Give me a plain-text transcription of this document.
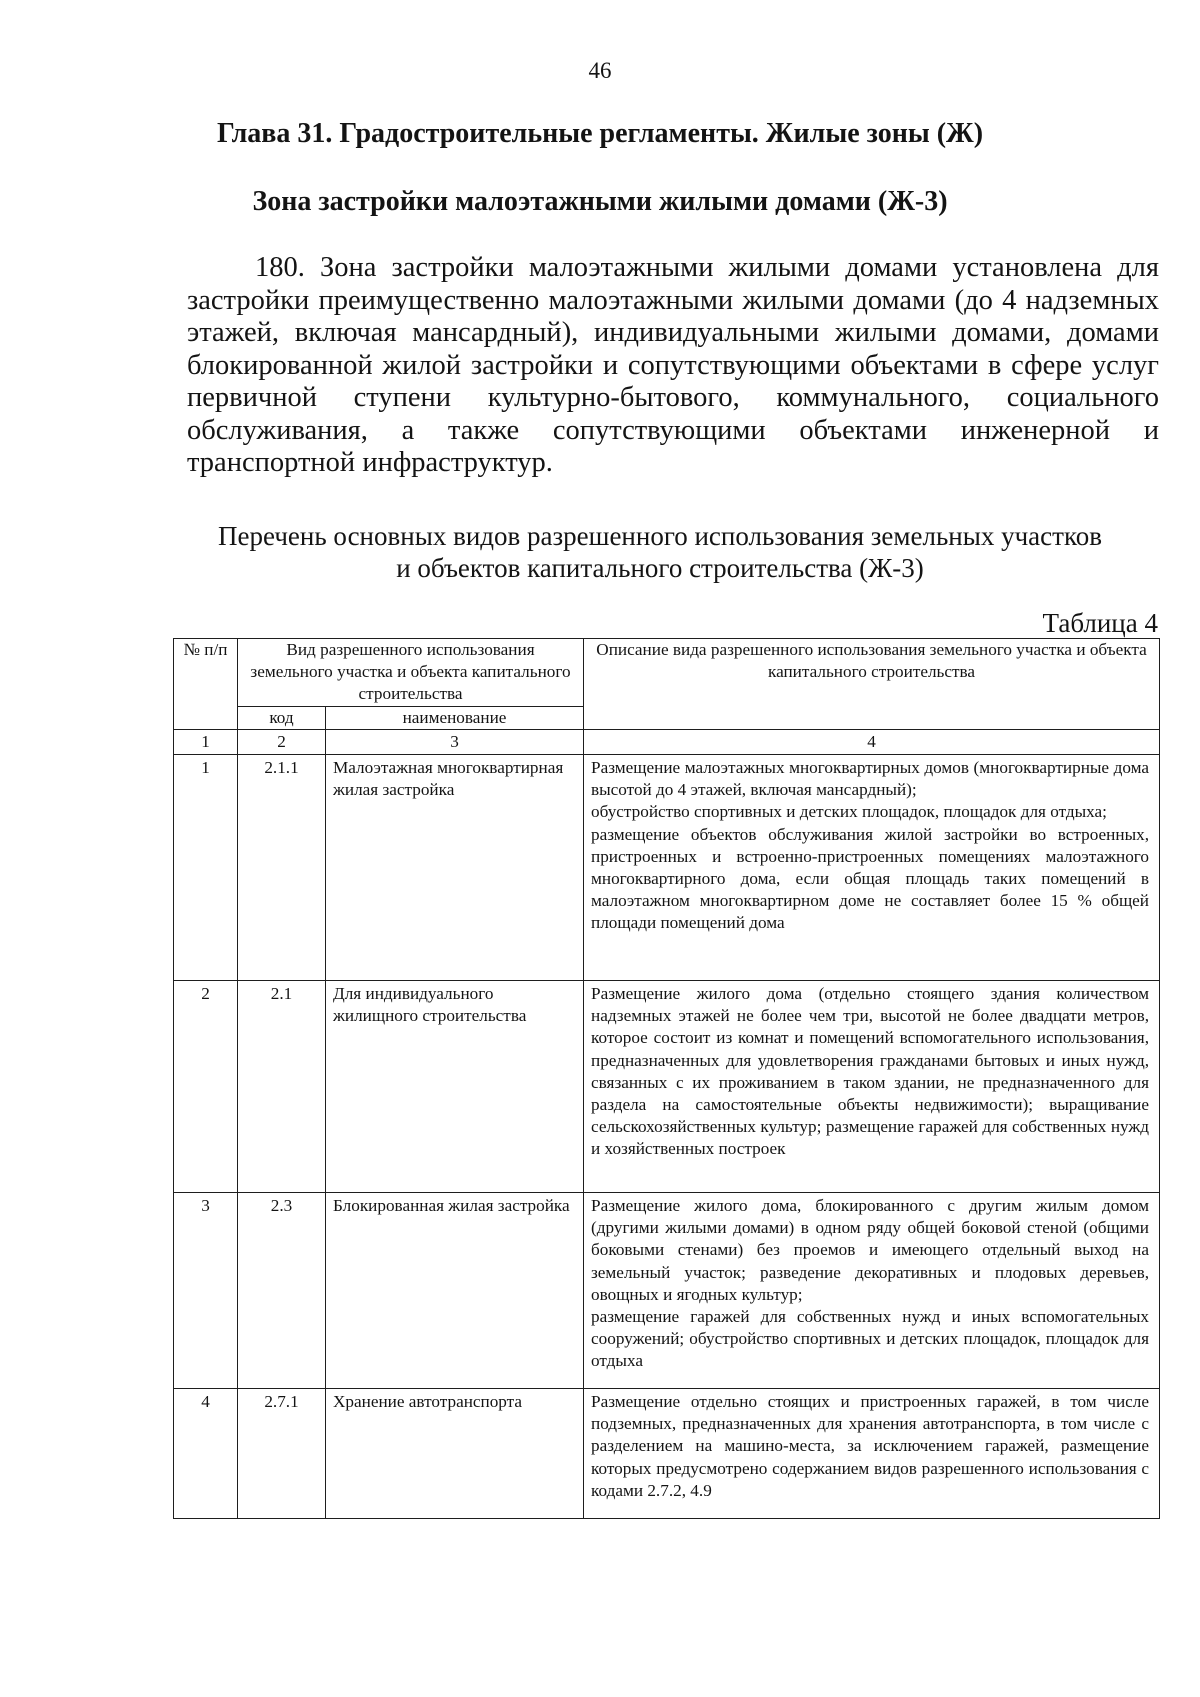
46
Глава 31. Градостроительные регламенты. Жилые зоны (Ж)
Зона застройки малоэтажными жилыми домами (Ж-3)
180. Зона застройки малоэтажными жилыми домами установлена для застройки преимущественно малоэтажными жилыми домами (до 4 надземных этажей, включая мансардный), индивидуальными жилыми домами, домами блокированной жилой застройки и сопутствующими объектами в сфере услуг первичной ступени культурно-бытового, коммунального, социального обслуживания, а также сопутствующими объектами инженерной и транспортной инфраструктур.
Перечень основных видов разрешенного использования земельных участков
и объектов капитального строительства (Ж-3)
Таблица 4
№ п/п	Вид разрешенного использования земельного участка и объекта капитального строительства		Описание вида разрешенного использования земельного участка и объекта капитального строительства
	код	наименование	
1	2	3	4
1	2.1.1	Малоэтажная многоквартирная жилая застройка	Размещение малоэтажных многоквартирных домов (многоквартирные дома высотой до 4 этажей, включая мансардный);
обустройство спортивных и детских площадок, площадок для отдыха;
размещение объектов обслуживания жилой застройки во встроенных, пристроенных и встроенно-пристроенных помещениях малоэтажного многоквартирного дома, если общая площадь таких помещений в малоэтажном многоквартирном доме не составляет более 15 % общей площади помещений дома

2	2.1	Для индивидуального жилищного строительства	Размещение жилого дома (отдельно стоящего здания количеством надземных этажей не более чем три, высотой не более двадцати метров, которое состоит из комнат и помещений вспомогательного использования, предназначенных для удовлетворения гражданами бытовых и иных нужд, связанных с их проживанием в таком здании, не предназначенного для раздела на самостоятельные объекты недвижимости); выращивание сельскохозяйственных культур; размещение гаражей для собственных нужд и хозяйственных построек

3	2.3	Блокированная жилая застройка	Размещение жилого дома, блокированного с другим жилым домом (другими жилыми домами) в одном ряду общей боковой стеной (общими боковыми стенами) без проемов и имеющего отдельный выход на земельный участок; разведение декоративных и плодовых деревьев, овощных и ягодных культур;
размещение гаражей для собственных нужд и иных вспомогательных сооружений; обустройство спортивных и детских площадок, площадок для отдыха

4	2.7.1	Хранение автотранспорта	Размещение отдельно стоящих и пристроенных гаражей, в том числе подземных, предназначенных для хранения автотранспорта, в том числе с разделением на машино-места, за исключением гаражей, размещение которых предусмотрено содержанием видов разрешенного использования с кодами 2.7.2, 4.9
